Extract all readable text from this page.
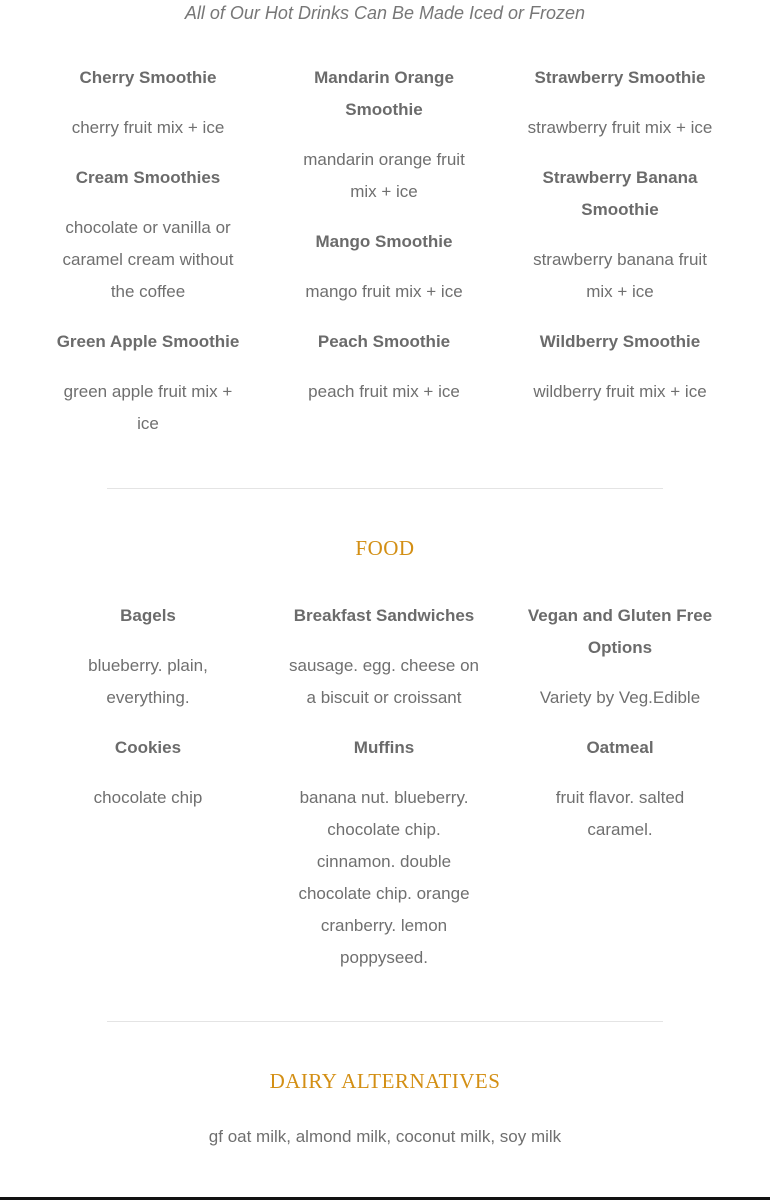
All of Our Hot Drinks Can Be Made Iced or Frozen

Cherry Smoothie

cherry fruit mix + ice

Cream Smoothies

chocolate or vanilla or caramel cream without the coffee

Green Apple Smoothie

green apple fruit mix + ice

Mandarin Orange Smoothie

mandarin orange fruit mix + ice

Mango Smoothie

mango fruit mix + ice

Peach Smoothie

peach fruit mix + ice

Strawberry Smoothie

strawberry fruit mix + ice

Strawberry Banana Smoothie

strawberry banana fruit mix + ice

Wildberry Smoothie

wildberry fruit mix + ice

FOOD

Bagels

blueberry. plain, everything.

Cookies

chocolate chip

Breakfast Sandwiches

sausage. egg. cheese on a biscuit or croissant

Muffins

banana nut. blueberry. chocolate chip. cinnamon. double chocolate chip. orange cranberry. lemon poppyseed.

Vegan and Gluten Free Options

Variety by Veg.Edible

Oatmeal

fruit flavor. salted caramel.

DAIRY ALTERNATIVES
gf oat milk, almond milk, coconut milk, soy milk
